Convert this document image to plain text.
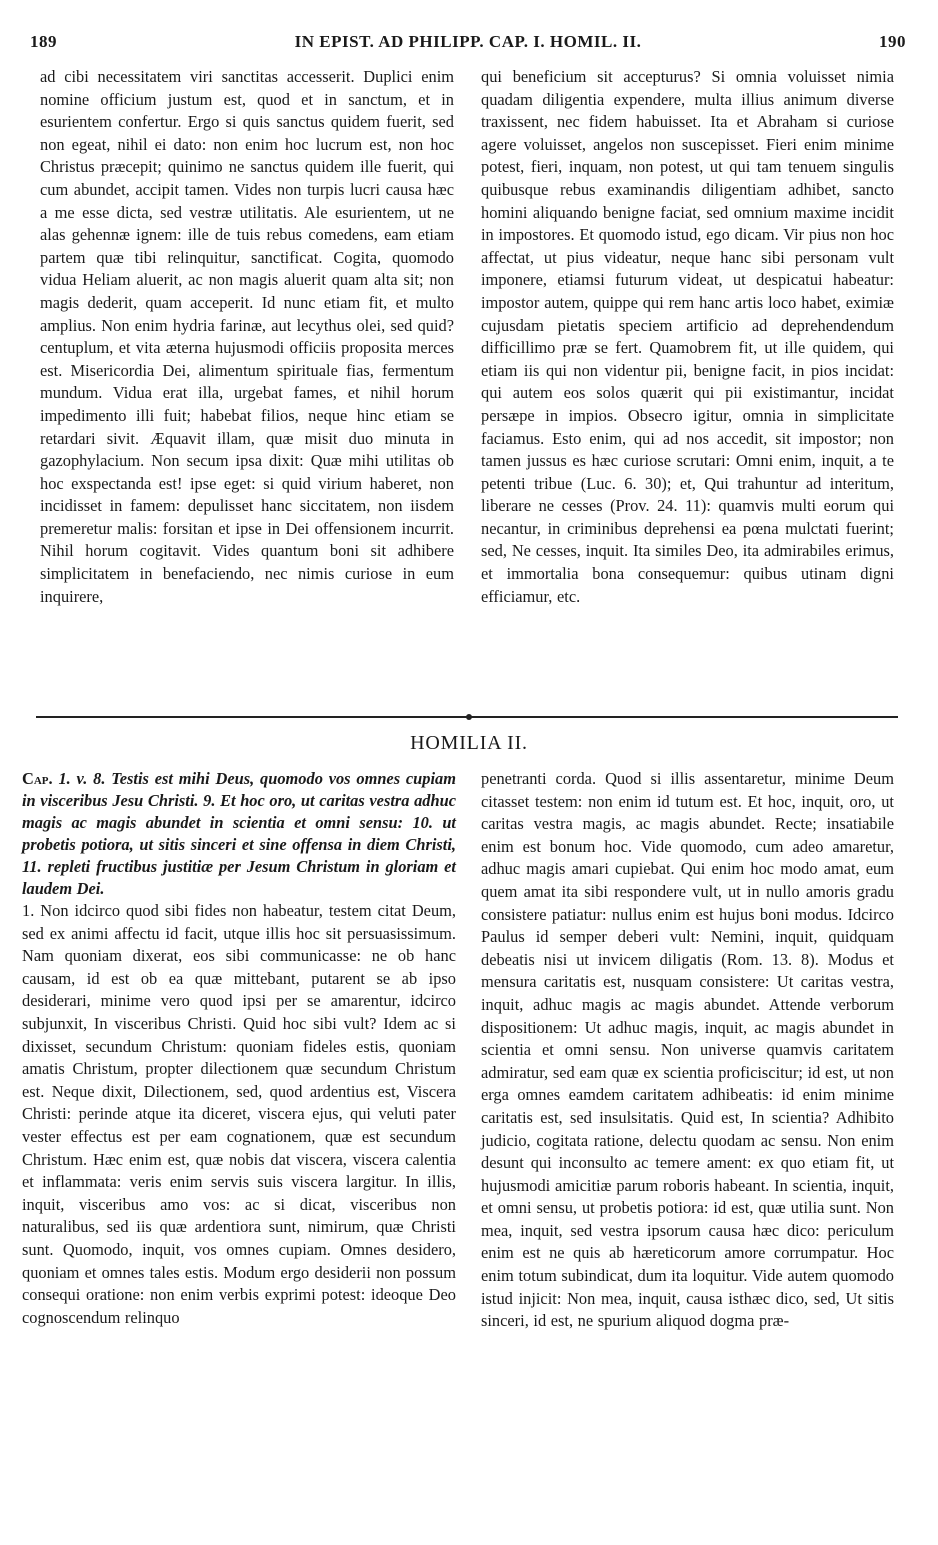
189	IN EPIST. AD PHILIPP. CAP. I. HOMIL. II.	190

ad cibi necessitatem viri sanctitas accesserit. Duplici enim nomine officium justum est, quod et in sanctum, et in esurientem confertur. Ergo si quis sanctus quidem fuerit, sed non egeat, nihil ei dato: non enim hoc lucrum est, non hoc Christus præcepit; quinimo ne sanctus quidem ille fuerit, qui cum abundet, accipit tamen. Vides non turpis lucri causa hæc a me esse dicta, sed vestræ utilitatis. Ale esurientem, ut ne alas gehennæ ignem: ille de tuis rebus comedens, eam etiam partem quæ tibi relinquitur, sanctificat. Cogita, quomodo vidua Heliam aluerit, ac non magis aluerit quam alta sit; non magis dederit, quam acceperit. Id nunc etiam fit, et multo amplius. Non enim hydria farinæ, aut lecythus olei, sed quid? centuplum, et vita æterna hujusmodi officiis proposita merces est. Misericordia Dei, alimentum spirituale fias, fermentum mundum. Vidua erat illa, urgebat fames, et nihil horum impedimento illi fuit; habebat filios, neque hinc etiam se retardari sivit. Æquavit illam, quæ misit duo minuta in gazophylacium. Non secum ipsa dixit: Quæ mihi utilitas ob hoc exspectanda est! ipse eget: si quid virium haberet, non incidisset in famem: depulisset hanc siccitatem, non iisdem premeretur malis: forsitan et ipse in Dei offensionem incurrit. Nihil horum cogitavit. Vides quantum boni sit adhibere simplicitatem in benefaciendo, nec nimis curiose in eum inquirere,

qui beneficium sit accepturus? Si omnia voluisset nimia quadam diligentia expendere, multa illius animum diverse traxissent, nec fidem habuisset. Ita et Abraham si curiose agere voluisset, angelos non suscepisset. Fieri enim minime potest, fieri, inquam, non potest, ut qui tam tenuem singulis quibusque rebus examinandis diligentiam adhibet, sancto homini aliquando benigne faciat, sed omnium maxime incidit in impostores. Et quomodo istud, ego dicam. Vir pius non hoc affectat, ut pius videatur, neque hanc sibi personam vult imponere, etiamsi futurum videat, ut despicatui habeatur: impostor autem, quippe qui rem hanc artis loco habet, eximiæ cujusdam pietatis speciem artificio ad deprehendendum difficillimo præ se fert. Quamobrem fit, ut ille quidem, qui etiam iis qui non videntur pii, benigne facit, in pios incidat: qui autem eos solos quærit qui pii existimantur, incidat persæpe in impios. Obsecro igitur, omnia in simplicitate faciamus. Esto enim, qui ad nos accedit, sit impostor; non tamen jussus es hæc curiose scrutari: Omni enim, inquit, a te petenti tribue (Luc. 6. 30); et, Qui trahuntur ad interitum, liberare ne cesses (Prov. 24. 11): quamvis multi eorum qui necantur, in criminibus deprehensi ea pœna mulctati fuerint; sed, Ne cesses, inquit. Ita similes Deo, ita admirabiles erimus, et immortalia bona consequemur: quibus utinam digni efficiamur, etc.

HOMILIA II.

Cap. 1. v. 8. Testis est mihi Deus, quomodo vos omnes cupiam in visceribus Jesu Christi. 9. Et hoc oro, ut caritas vestra adhuc magis ac magis abundet in scientia et omni sensu: 10. ut probetis potiora, ut sitis sinceri et sine offensa in diem Christi, 11. repleti fructibus justitiæ per Jesum Christum in gloriam et laudem Dei.

1. Non idcirco quod sibi fides non habeatur, testem citat Deum, sed ex animi affectu id facit, utque illis hoc sit persuasissimum. Nam quoniam dixerat, eos sibi communicasse: ne ob hanc causam, id est ob ea quæ mittebant, putarent se ab ipso desiderari, minime vero quod ipsi per se amarentur, idcirco subjunxit, In visceribus Christi. Quid hoc sibi vult? Idem ac si dixisset, secundum Christum: quoniam fideles estis, quoniam amatis Christum, propter dilectionem quæ secundum Christum est. Neque dixit, Dilectionem, sed, quod ardentius est, Viscera Christi: perinde atque ita diceret, viscera ejus, qui veluti pater vester effectus est per eam cognationem, quæ est secundum Christum. Hæc enim est, quæ nobis dat viscera, viscera calentia et inflammata: veris enim servis suis viscera largitur. In illis, inquit, visceribus amo vos: ac si dicat, visceribus non naturalibus, sed iis quæ ardentiora sunt, nimirum, quæ Christi sunt. Quomodo, inquit, vos omnes cupiam. Omnes desidero, quoniam et omnes tales estis. Modum ergo desiderii non possum consequi oratione: non enim verbis exprimi potest: ideoque Deo cognoscendum relinquo

penetranti corda. Quod si illis assentaretur, minime Deum citasset testem: non enim id tutum est. Et hoc, inquit, oro, ut caritas vestra magis, ac magis abundet. Recte; insatiabile enim est bonum hoc. Vide quomodo, cum adeo amaretur, adhuc magis amari cupiebat. Qui enim hoc modo amat, eum quem amat ita sibi respondere vult, ut in nullo amoris gradu consistere patiatur: nullus enim est hujus boni modus. Idcirco Paulus id semper deberi vult: Nemini, inquit, quidquam debeatis nisi ut invicem diligatis (Rom. 13. 8). Modus et mensura caritatis est, nusquam consistere: Ut caritas vestra, inquit, adhuc magis ac magis abundet. Attende verborum dispositionem: Ut adhuc magis, inquit, ac magis abundet in scientia et omni sensu. Non universe quamvis caritatem admiratur, sed eam quæ ex scientia proficiscitur; id est, ut non erga omnes eamdem caritatem adhibeatis: id enim minime caritatis est, sed insulsitatis. Quid est, In scientia? Adhibito judicio, cogitata ratione, delectu quodam ac sensu. Non enim desunt qui inconsulto ac temere ament: ex quo etiam fit, ut hujusmodi amicitiæ parum roboris habeant. In scientia, inquit, et omni sensu, ut probetis potiora: id est, quæ utilia sunt. Non mea, inquit, sed vestra ipsorum causa hæc dico: periculum enim est ne quis ab hæreticorum amore corrumpatur. Hoc enim totum subindicat, dum ita loquitur. Vide autem quomodo istud injicit: Non mea, inquit, causa isthæc dico, sed, Ut sitis sinceri, id est, ne spurium aliquod dogma præ-
